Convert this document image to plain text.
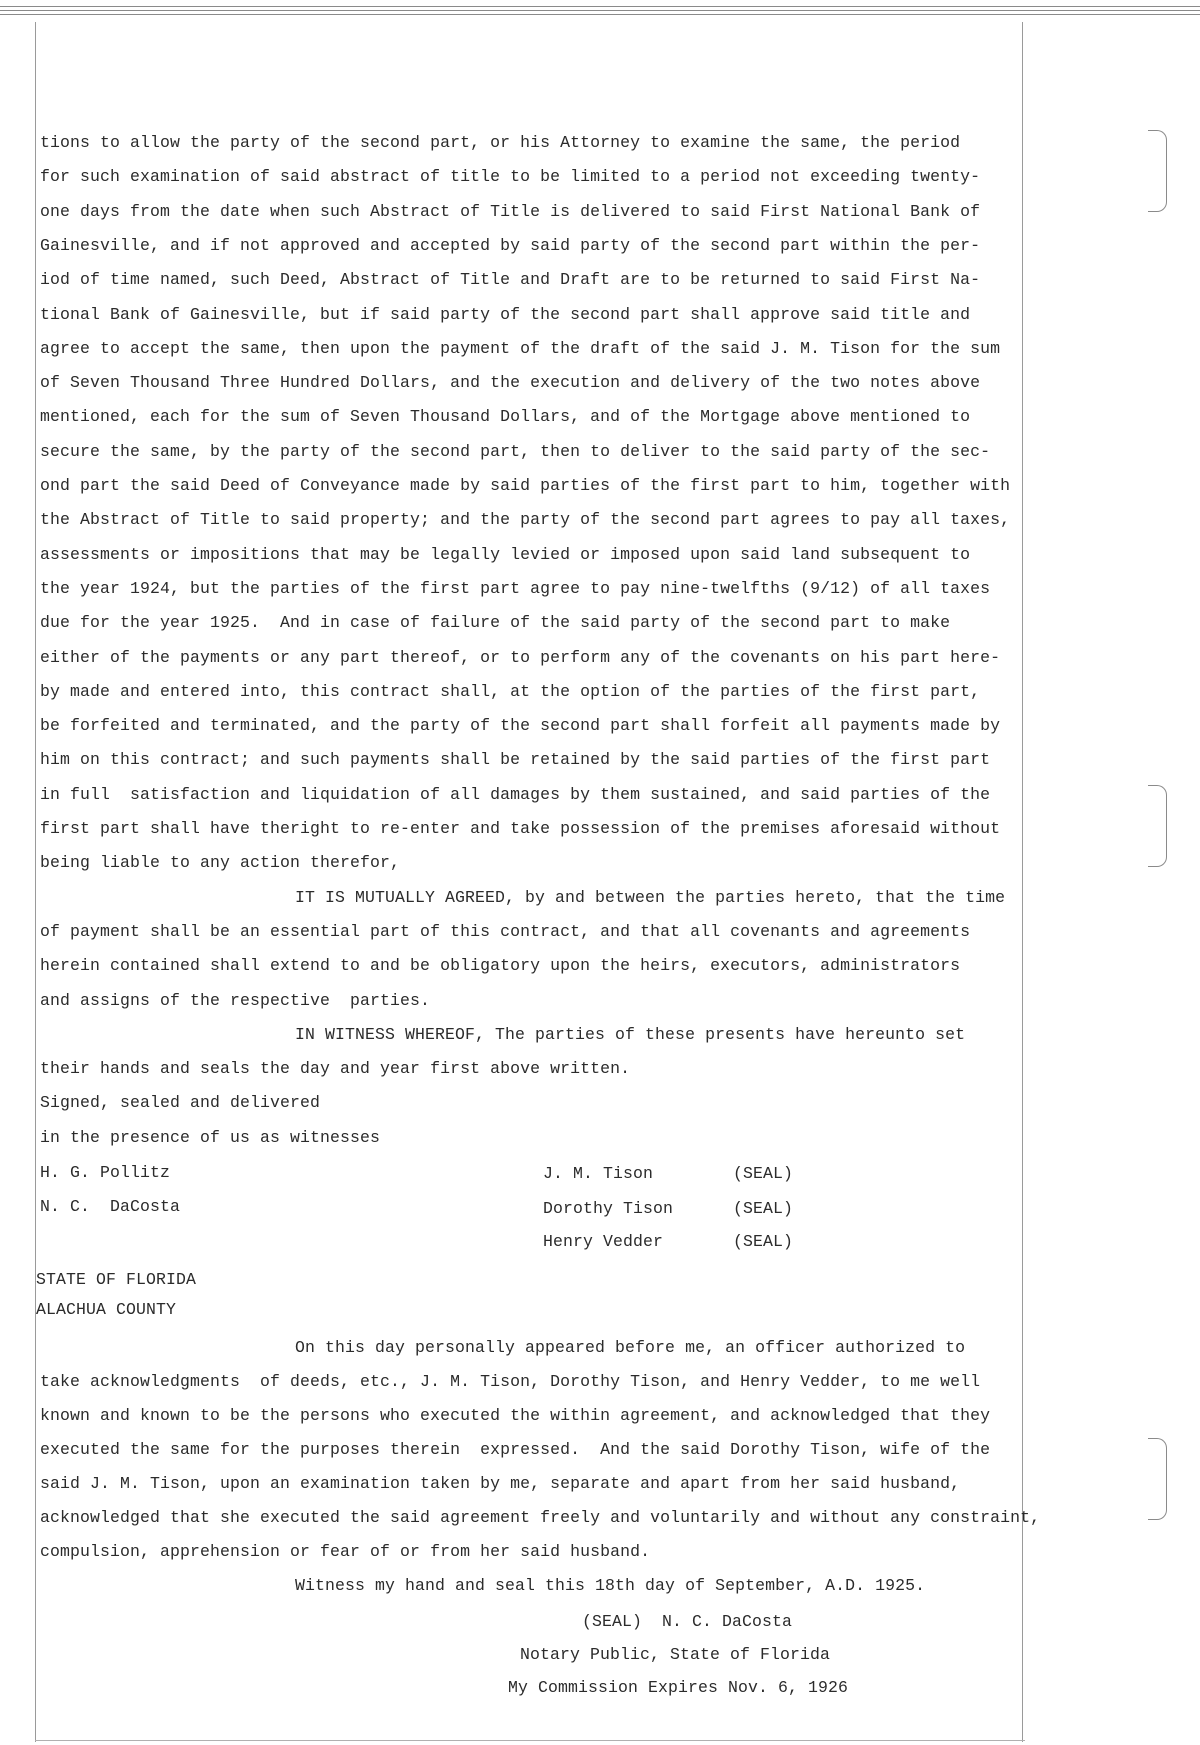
tions to allow the party of the second part, or his Attorney to examine the same, the period
for such examination of said abstract of title to be limited to a period not exceeding twenty-
one days from the date when such Abstract of Title is delivered to said First National Bank of
Gainesville, and if not approved and accepted by said party of the second part within the per-
iod of time named, such Deed, Abstract of Title and Draft are to be returned to said First Na-
tional Bank of Gainesville, but if said party of the second part shall approve said title and
agree to accept the same, then upon the payment of the draft of the said J. M. Tison for the sum
of Seven Thousand Three Hundred Dollars, and the execution and delivery of the two notes above
mentioned, each for the sum of Seven Thousand Dollars, and of the Mortgage above mentioned to
secure the same, by the party of the second part, then to deliver to the said party of the sec-
ond part the said Deed of Conveyance made by said parties of the first part to him, together with
the Abstract of Title to said property; and the party of the second part agrees to pay all taxes,
assessments or impositions that may be legally levied or imposed upon said land subsequent to
the year 1924, but the parties of the first part agree to pay nine-twelfths (9/12) of all taxes
due for the year 1925.  And in case of failure of the said party of the second part to make
either of the payments or any part thereof, or to perform any of the covenants on his part here-
by made and entered into, this contract shall, at the option of the parties of the first part,
be forfeited and terminated, and the party of the second part shall forfeit all payments made by
him on this contract; and such payments shall be retained by the said parties of the first part
in full  satisfaction and liquidation of all damages by them sustained, and said parties of the
first part shall have theright to re-enter and take possession of the premises aforesaid without
being liable to any action therefor,
IT IS MUTUALLY AGREED, by and between the parties hereto, that the time
of payment shall be an essential part of this contract, and that all covenants and agreements
herein contained shall extend to and be obligatory upon the heirs, executors, administrators
and assigns of the respective  parties.
IN WITNESS WHEREOF, The parties of these presents have hereunto set
their hands and seals the day and year first above written.
Signed, sealed and delivered
in the presence of us as witnesses
H. G. Pollitz
N. C.  DaCosta
J. M. Tison	(SEAL)
Dorothy Tison	(SEAL)
Henry Vedder	(SEAL)
STATE OF FLORIDA
ALACHUA COUNTY
On this day personally appeared before me, an officer authorized to
take acknowledgments  of deeds, etc., J. M. Tison, Dorothy Tison, and Henry Vedder, to me well
known and known to be the persons who executed the within agreement, and acknowledged that they
executed the same for the purposes therein  expressed.  And the said Dorothy Tison, wife of the
said J. M. Tison, upon an examination taken by me, separate and apart from her said husband,
acknowledged that she executed the said agreement freely and voluntarily and without any constraint,
compulsion, apprehension or fear of or from her said husband.
Witness my hand and seal this 18th day of September, A.D. 1925.
(SEAL)  N. C. DaCosta
Notary Public, State of Florida
My Commission Expires Nov. 6, 1926
